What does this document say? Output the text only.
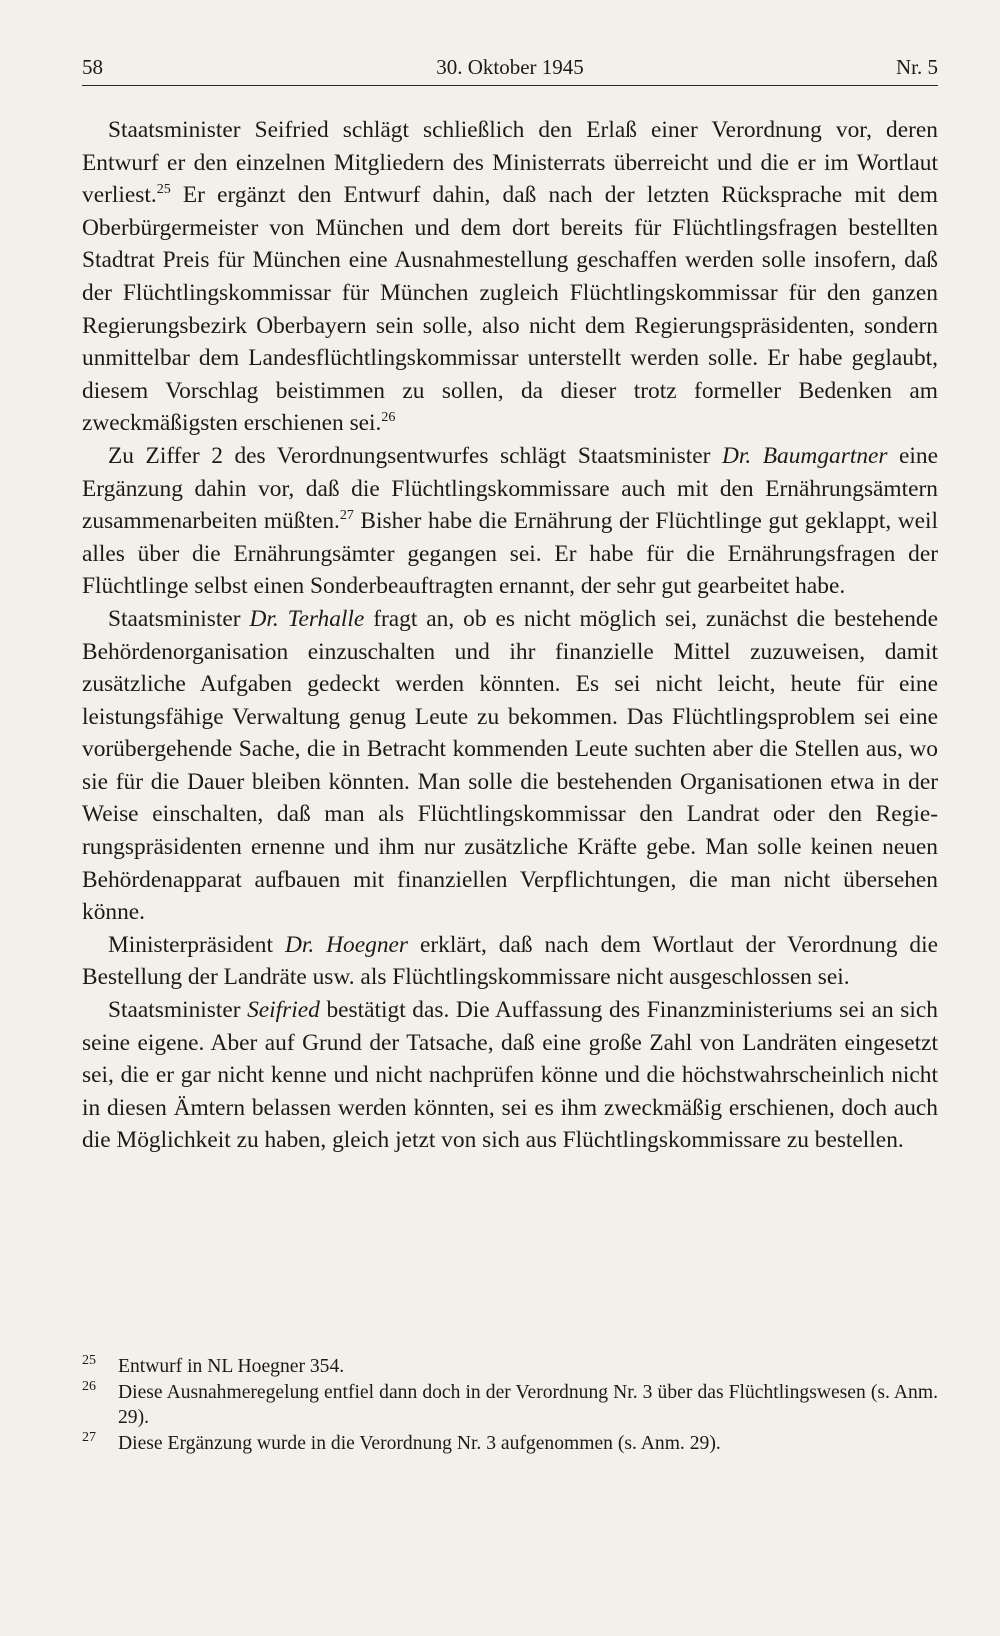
58	30. Oktober 1945	Nr. 5

Staatsminister Seifried schlägt schließlich den Erlaß einer Verordnung vor, deren Entwurf er den einzelnen Mitgliedern des Ministerrats überreicht und die er im Wortlaut verliest.$^{25}$ Er ergänzt den Entwurf dahin, daß nach der letzten Rücksprache mit dem Oberbürgermeister von München und dem dort bereits für Flüchtlingsfragen bestellten Stadtrat Preis für München eine Ausnahmestellung geschaffen werden solle insofern, daß der Flüchtlingskommissar für München zugleich Flüchtlingskommissar für den ganzen Regierungsbezirk Oberbayern sein solle, also nicht dem Regierungspräsidenten, sondern unmittelbar dem Landesflüchtlingskommissar unterstellt werden solle. Er habe geglaubt, diesem Vorschlag beistimmen zu sollen, da dieser trotz formeller Bedenken am zweckmäßigsten erschienen sei.$^{26}$

Zu Ziffer 2 des Verordnungsentwurfes schlägt Staatsminister Dr. Baumgartner eine Ergänzung dahin vor, daß die Flüchtlingskommissare auch mit den Ernährungsämtern zusammenarbeiten müßten.$^{27}$ Bisher habe die Ernährung der Flüchtlinge gut geklappt, weil alles über die Ernährungsämter gegangen sei. Er habe für die Ernährungsfragen der Flüchtlinge selbst einen Sonderbeauftragten ernannt, der sehr gut gearbeitet habe.

Staatsminister Dr. Terhalle fragt an, ob es nicht möglich sei, zunächst die bestehende Behördenorganisation einzuschalten und ihr finanzielle Mittel zuzuweisen, damit zusätzliche Aufgaben gedeckt werden könnten. Es sei nicht leicht, heute für eine leistungsfähige Verwaltung genug Leute zu bekommen. Das Flüchtlingsproblem sei eine vorübergehende Sache, die in Betracht kommenden Leute suchten aber die Stellen aus, wo sie für die Dauer bleiben könnten. Man solle die bestehenden Organisationen etwa in der Weise einschalten, daß man als Flüchtlingskommissar den Landrat oder den Regierungspräsidenten ernenne und ihm nur zusätzliche Kräfte gebe. Man solle keinen neuen Behördenapparat aufbauen mit finanziellen Verpflichtungen, die man nicht übersehen könne.

Ministerpräsident Dr. Hoegner erklärt, daß nach dem Wortlaut der Verordnung die Bestellung der Landräte usw. als Flüchtlingskommissare nicht ausgeschlossen sei.

Staatsminister Seifried bestätigt das. Die Auffassung des Finanzministeriums sei an sich seine eigene. Aber auf Grund der Tatsache, daß eine große Zahl von Landräten eingesetzt sei, die er gar nicht kenne und nicht nachprüfen könne und die höchstwahrscheinlich nicht in diesen Ämtern belassen werden könnten, sei es ihm zweckmäßig erschienen, doch auch die Möglichkeit zu haben, gleich jetzt von sich aus Flüchtlingskommissare zu bestellen.

25 Entwurf in NL Hoegner 354.
26 Diese Ausnahmeregelung entfiel dann doch in der Verordnung Nr. 3 über das Flüchtlingswesen (s. Anm. 29).
27 Diese Ergänzung wurde in die Verordnung Nr. 3 aufgenommen (s. Anm. 29).
